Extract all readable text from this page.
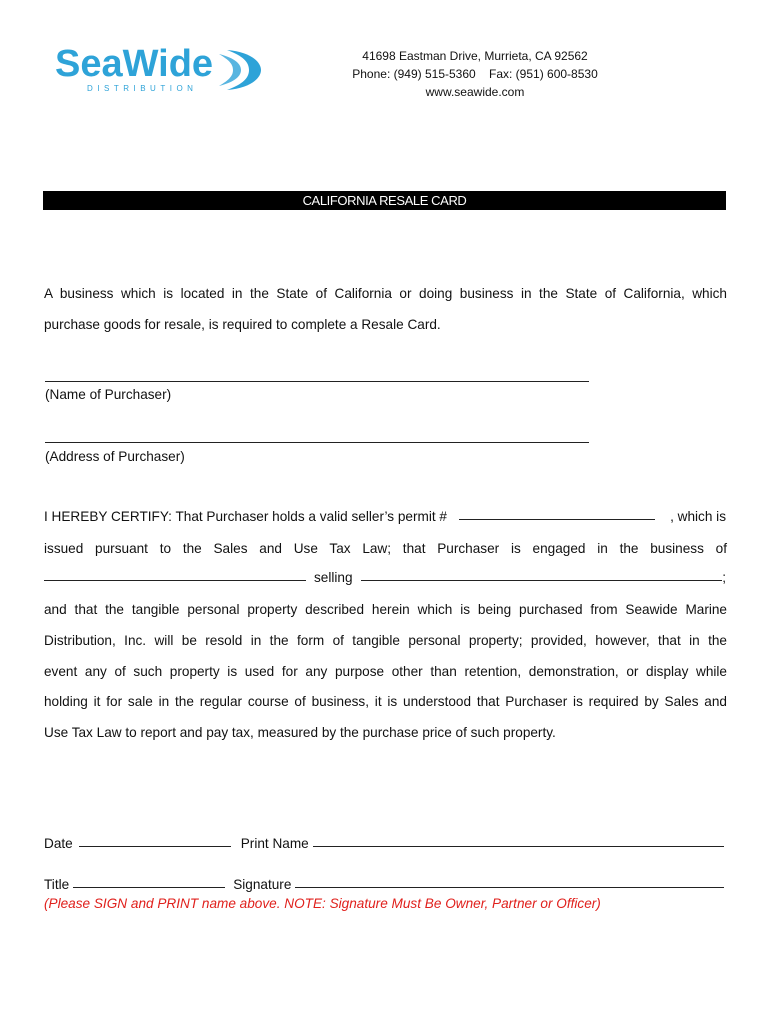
SeaWide
DISTRIBUTION
41698 Eastman Drive, Murrieta, CA 92562
Phone: (949) 515-5360    Fax: (951) 600-8530
www.seawide.com
CALIFORNIA RESALE CARD
A business which is located in the State of California or doing business in the State of California, which
purchase goods for resale, is required to complete a Resale Card.
(Name of Purchaser)
(Address of Purchaser)
I HEREBY CERTIFY: That Purchaser holds a valid seller’s permit #	, which is
issued pursuant to the Sales and Use Tax Law; that Purchaser is engaged in the business of
selling	;
and that the tangible personal property described herein which is being purchased from Seawide Marine
Distribution, Inc. will be resold in the form of tangible personal property; provided, however, that in the
event any of such property is used for any purpose other than retention, demonstration, or display while
holding it for sale in the regular course of business, it is understood that Purchaser is required by Sales and
Use Tax Law to report and pay tax, measured by the purchase price of such property.
Date	Print Name
Title	Signature
(Please SIGN and PRINT name above. NOTE: Signature Must Be Owner, Partner or Officer)
